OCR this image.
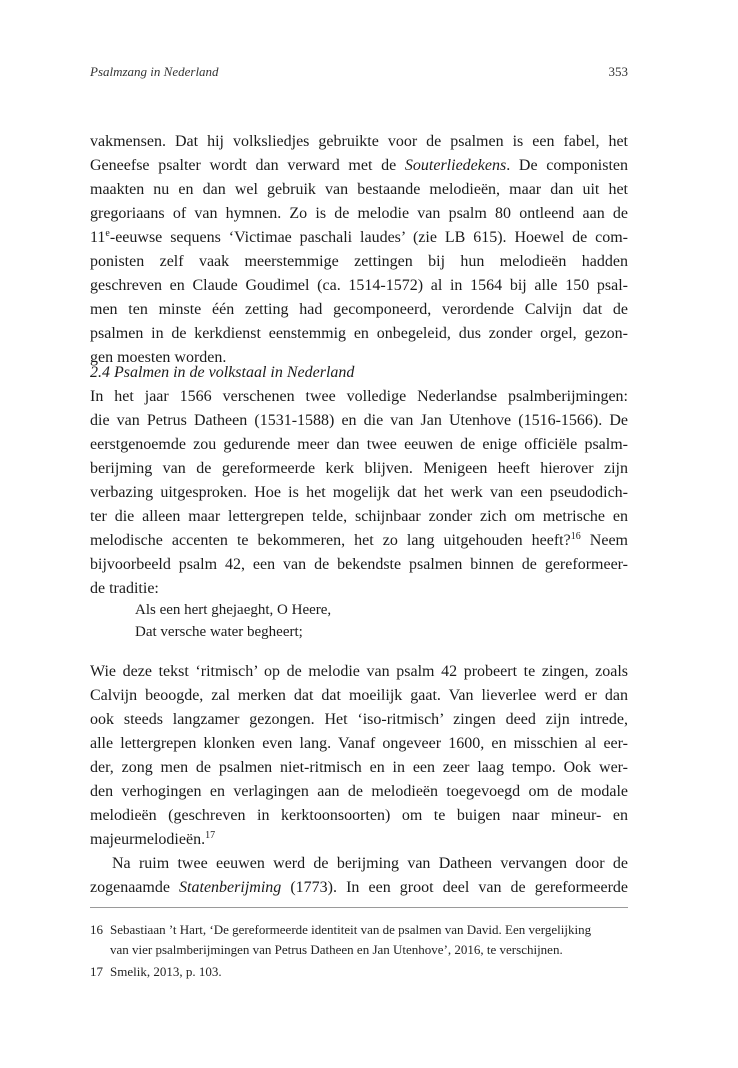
Psalmzang in Nederland	353
vakmensen. Dat hij volksliedjes gebruikte voor de psalmen is een fabel, het
Geneefse psalter wordt dan verward met de Souterliedekens. De componisten
maakten nu en dan wel gebruik van bestaande melodieën, maar dan uit het
gregoriaans of van hymnen. Zo is de melodie van psalm 80 ontleend aan de
11e-eeuwse sequens ‘Victimae paschali laudes’ (zie LB 615). Hoewel de com-
ponisten zelf vaak meerstemmige zettingen bij hun melodieën hadden
geschreven en Claude Goudimel (ca. 1514-1572) al in 1564 bij alle 150 psal-
men ten minste één zetting had gecomponeerd, verordende Calvijn dat de
psalmen in de kerkdienst eenstemmig en onbegeleid, dus zonder orgel, gezon-
gen moesten worden.
2.4 Psalmen in de volkstaal in Nederland
In het jaar 1566 verschenen twee volledige Nederlandse psalmberijmingen:
die van Petrus Datheen (1531-1588) en die van Jan Utenhove (1516-1566). De
eerstgenoemde zou gedurende meer dan twee eeuwen de enige officiële psalm-
berijming van de gereformeerde kerk blijven. Menigeen heeft hierover zijn
verbazing uitgesproken. Hoe is het mogelijk dat het werk van een pseudodich-
ter die alleen maar lettergrepen telde, schijnbaar zonder zich om metrische en
melodische accenten te bekommeren, het zo lang uitgehouden heeft?$^{16}$ Neem
bijvoorbeeld psalm 42, een van de bekendste psalmen binnen de gereformeer-
de traditie:
Als een hert ghejaeght, O Heere,
Dat versche water begheert;
Wie deze tekst ‘ritmisch’ op de melodie van psalm 42 probeert te zingen, zoals
Calvijn beoogde, zal merken dat dat moeilijk gaat. Van lieverlee werd er dan
ook steeds langzamer gezongen. Het ‘iso-ritmisch’ zingen deed zijn intrede,
alle lettergrepen klonken even lang. Vanaf ongeveer 1600, en misschien al eer-
der, zong men de psalmen niet-ritmisch en in een zeer laag tempo. Ook wer-
den verhogingen en verlagingen aan de melodieën toegevoegd om de modale
melodieën (geschreven in kerktoonsoorten) om te buigen naar mineur- en
majeurmelodieën.$^{17}$
Na ruim twee eeuwen werd de berijming van Datheen vervangen door de
zogenaamde Statenberijming (1773). In een groot deel van de gereformeerde
16 Sebastiaan ’t Hart, ‘De gereformeerde identiteit van de psalmen van David. Een vergelijking
van vier psalmberijmingen van Petrus Datheen en Jan Utenhove’, 2016, te verschijnen.
17 Smelik, 2013, p. 103.
